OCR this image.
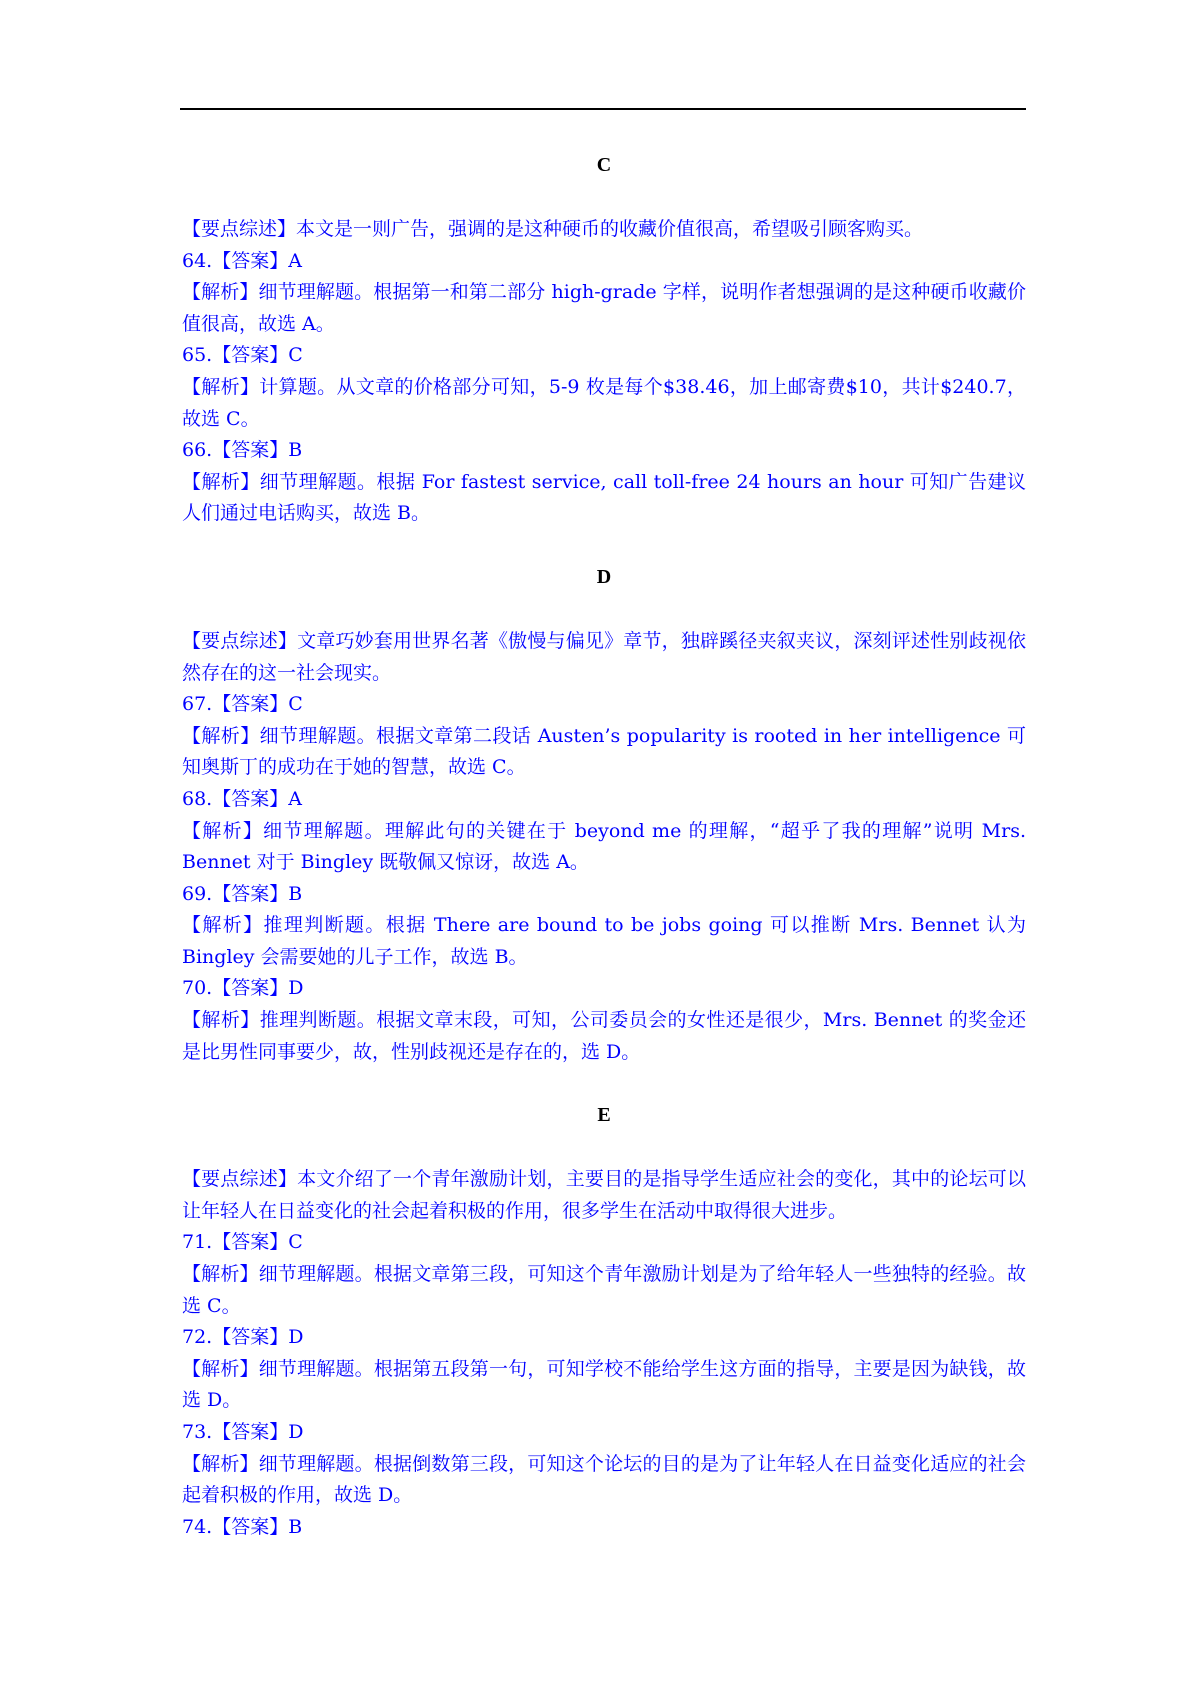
C

【要点综述】本文是一则广告，强调的是这种硬币的收藏价值很高，希望吸引顾客购买。

64.【答案】A

【解析】细节理解题。根据第一和第二部分 high-grade 字样，说明作者想强调的是这种硬币收藏价值很高，故选 A。

65.【答案】C

【解析】计算题。从文章的价格部分可知，5-9 枚是每个$38.46，加上邮寄费$10，共计$240.7，故选 C。

66.【答案】B

【解析】细节理解题。根据 For fastest service, call toll-free 24 hours an hour 可知广告建议人们通过电话购买，故选 B。

D

【要点综述】文章巧妙套用世界名著《傲慢与偏见》章节，独辟蹊径夹叙夹议，深刻评述性别歧视依然存在的这一社会现实。

67.【答案】C

【解析】细节理解题。根据文章第二段话 Austen’s popularity is rooted in her intelligence 可知奥斯丁的成功在于她的智慧，故选 C。

68.【答案】A

【解析】细节理解题。理解此句的关键在于 beyond me 的理解，“超乎了我的理解”说明 Mrs. Bennet 对于 Bingley 既敬佩又惊讶，故选 A。

69.【答案】B

【解析】推理判断题。根据 There are bound to be jobs going 可以推断 Mrs. Bennet 认为 Bingley 会需要她的儿子工作，故选 B。

70.【答案】D

【解析】推理判断题。根据文章末段，可知，公司委员会的女性还是很少，Mrs. Bennet 的奖金还是比男性同事要少，故，性别歧视还是存在的，选 D。

E

【要点综述】本文介绍了一个青年激励计划，主要目的是指导学生适应社会的变化，其中的论坛可以让年轻人在日益变化的社会起着积极的作用，很多学生在活动中取得很大进步。

71.【答案】C

【解析】细节理解题。根据文章第三段，可知这个青年激励计划是为了给年轻人一些独特的经验。故选 C。

72.【答案】D

【解析】细节理解题。根据第五段第一句，可知学校不能给学生这方面的指导，主要是因为缺钱，故选 D。

73.【答案】D

【解析】细节理解题。根据倒数第三段，可知这个论坛的目的是为了让年轻人在日益变化适应的社会起着积极的作用，故选 D。

74.【答案】B
